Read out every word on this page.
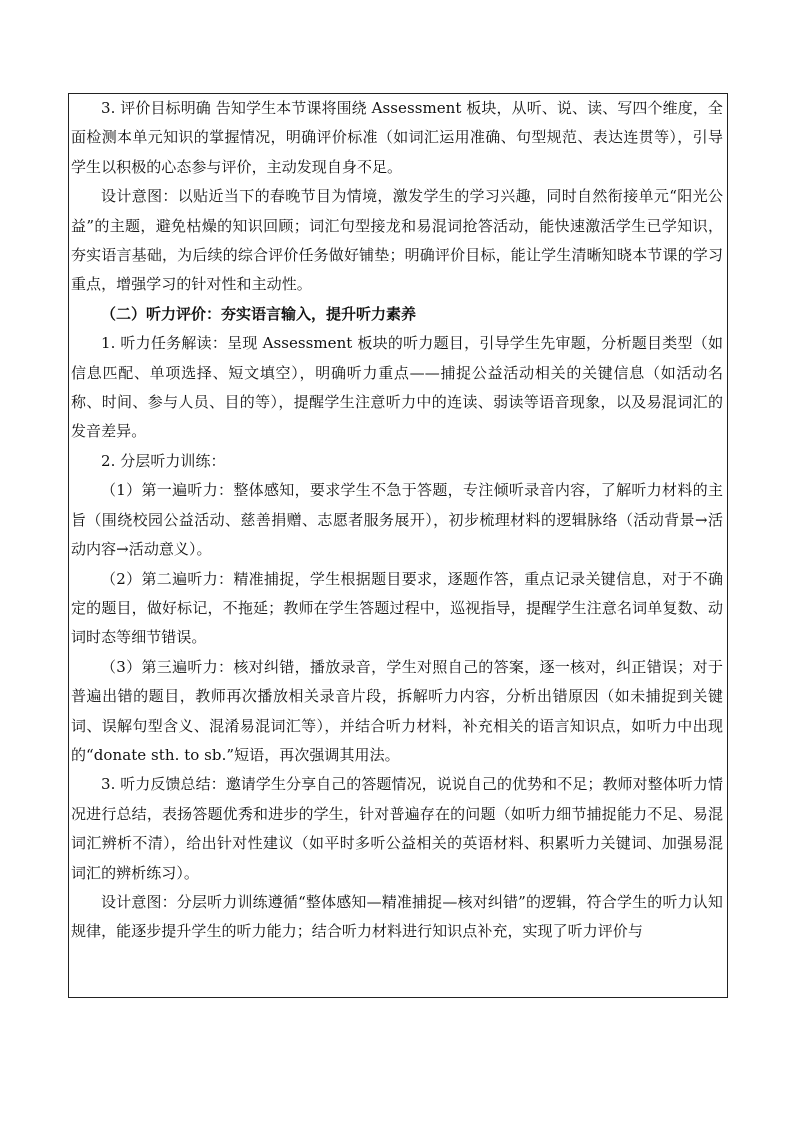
3. 评价目标明确 告知学生本节课将围绕 Assessment 板块，从听、说、读、写四个维度，全面检测本单元知识的掌握情况，明确评价标准（如词汇运用准确、句型规范、表达连贯等），引导学生以积极的心态参与评价，主动发现自身不足。

设计意图：以贴近当下的春晚节目为情境，激发学生的学习兴趣，同时自然衔接单元“阳光公益”的主题，避免枯燥的知识回顾；词汇句型接龙和易混词抢答活动，能快速激活学生已学知识，夯实语言基础，为后续的综合评价任务做好铺垫；明确评价目标，能让学生清晰知晓本节课的学习重点，增强学习的针对性和主动性。

（二）听力评价：夯实语言输入，提升听力素养

1. 听力任务解读：呈现 Assessment 板块的听力题目，引导学生先审题，分析题目类型（如信息匹配、单项选择、短文填空），明确听力重点——捕捉公益活动相关的关键信息（如活动名称、时间、参与人员、目的等），提醒学生注意听力中的连读、弱读等语音现象，以及易混词汇的发音差异。

2. 分层听力训练：

（1）第一遍听力：整体感知，要求学生不急于答题，专注倾听录音内容，了解听力材料的主旨（围绕校园公益活动、慈善捐赠、志愿者服务展开），初步梳理材料的逻辑脉络（活动背景→活动内容→活动意义）。

（2）第二遍听力：精准捕捉，学生根据题目要求，逐题作答，重点记录关键信息，对于不确定的题目，做好标记，不拖延；教师在学生答题过程中，巡视指导，提醒学生注意名词单复数、动词时态等细节错误。

（3）第三遍听力：核对纠错，播放录音，学生对照自己的答案，逐一核对，纠正错误；对于普遍出错的题目，教师再次播放相关录音片段，拆解听力内容，分析出错原因（如未捕捉到关键词、误解句型含义、混淆易混词汇等），并结合听力材料，补充相关的语言知识点，如听力中出现的“donate sth. to sb.”短语，再次强调其用法。

3. 听力反馈总结：邀请学生分享自己的答题情况，说说自己的优势和不足；教师对整体听力情况进行总结，表扬答题优秀和进步的学生，针对普遍存在的问题（如听力细节捕捉能力不足、易混词汇辨析不清），给出针对性建议（如平时多听公益相关的英语材料、积累听力关键词、加强易混词汇的辨析练习）。

设计意图：分层听力训练遵循“整体感知—精准捕捉—核对纠错”的逻辑，符合学生的听力认知规律，能逐步提升学生的听力能力；结合听力材料进行知识点补充，实现了听力评价与
